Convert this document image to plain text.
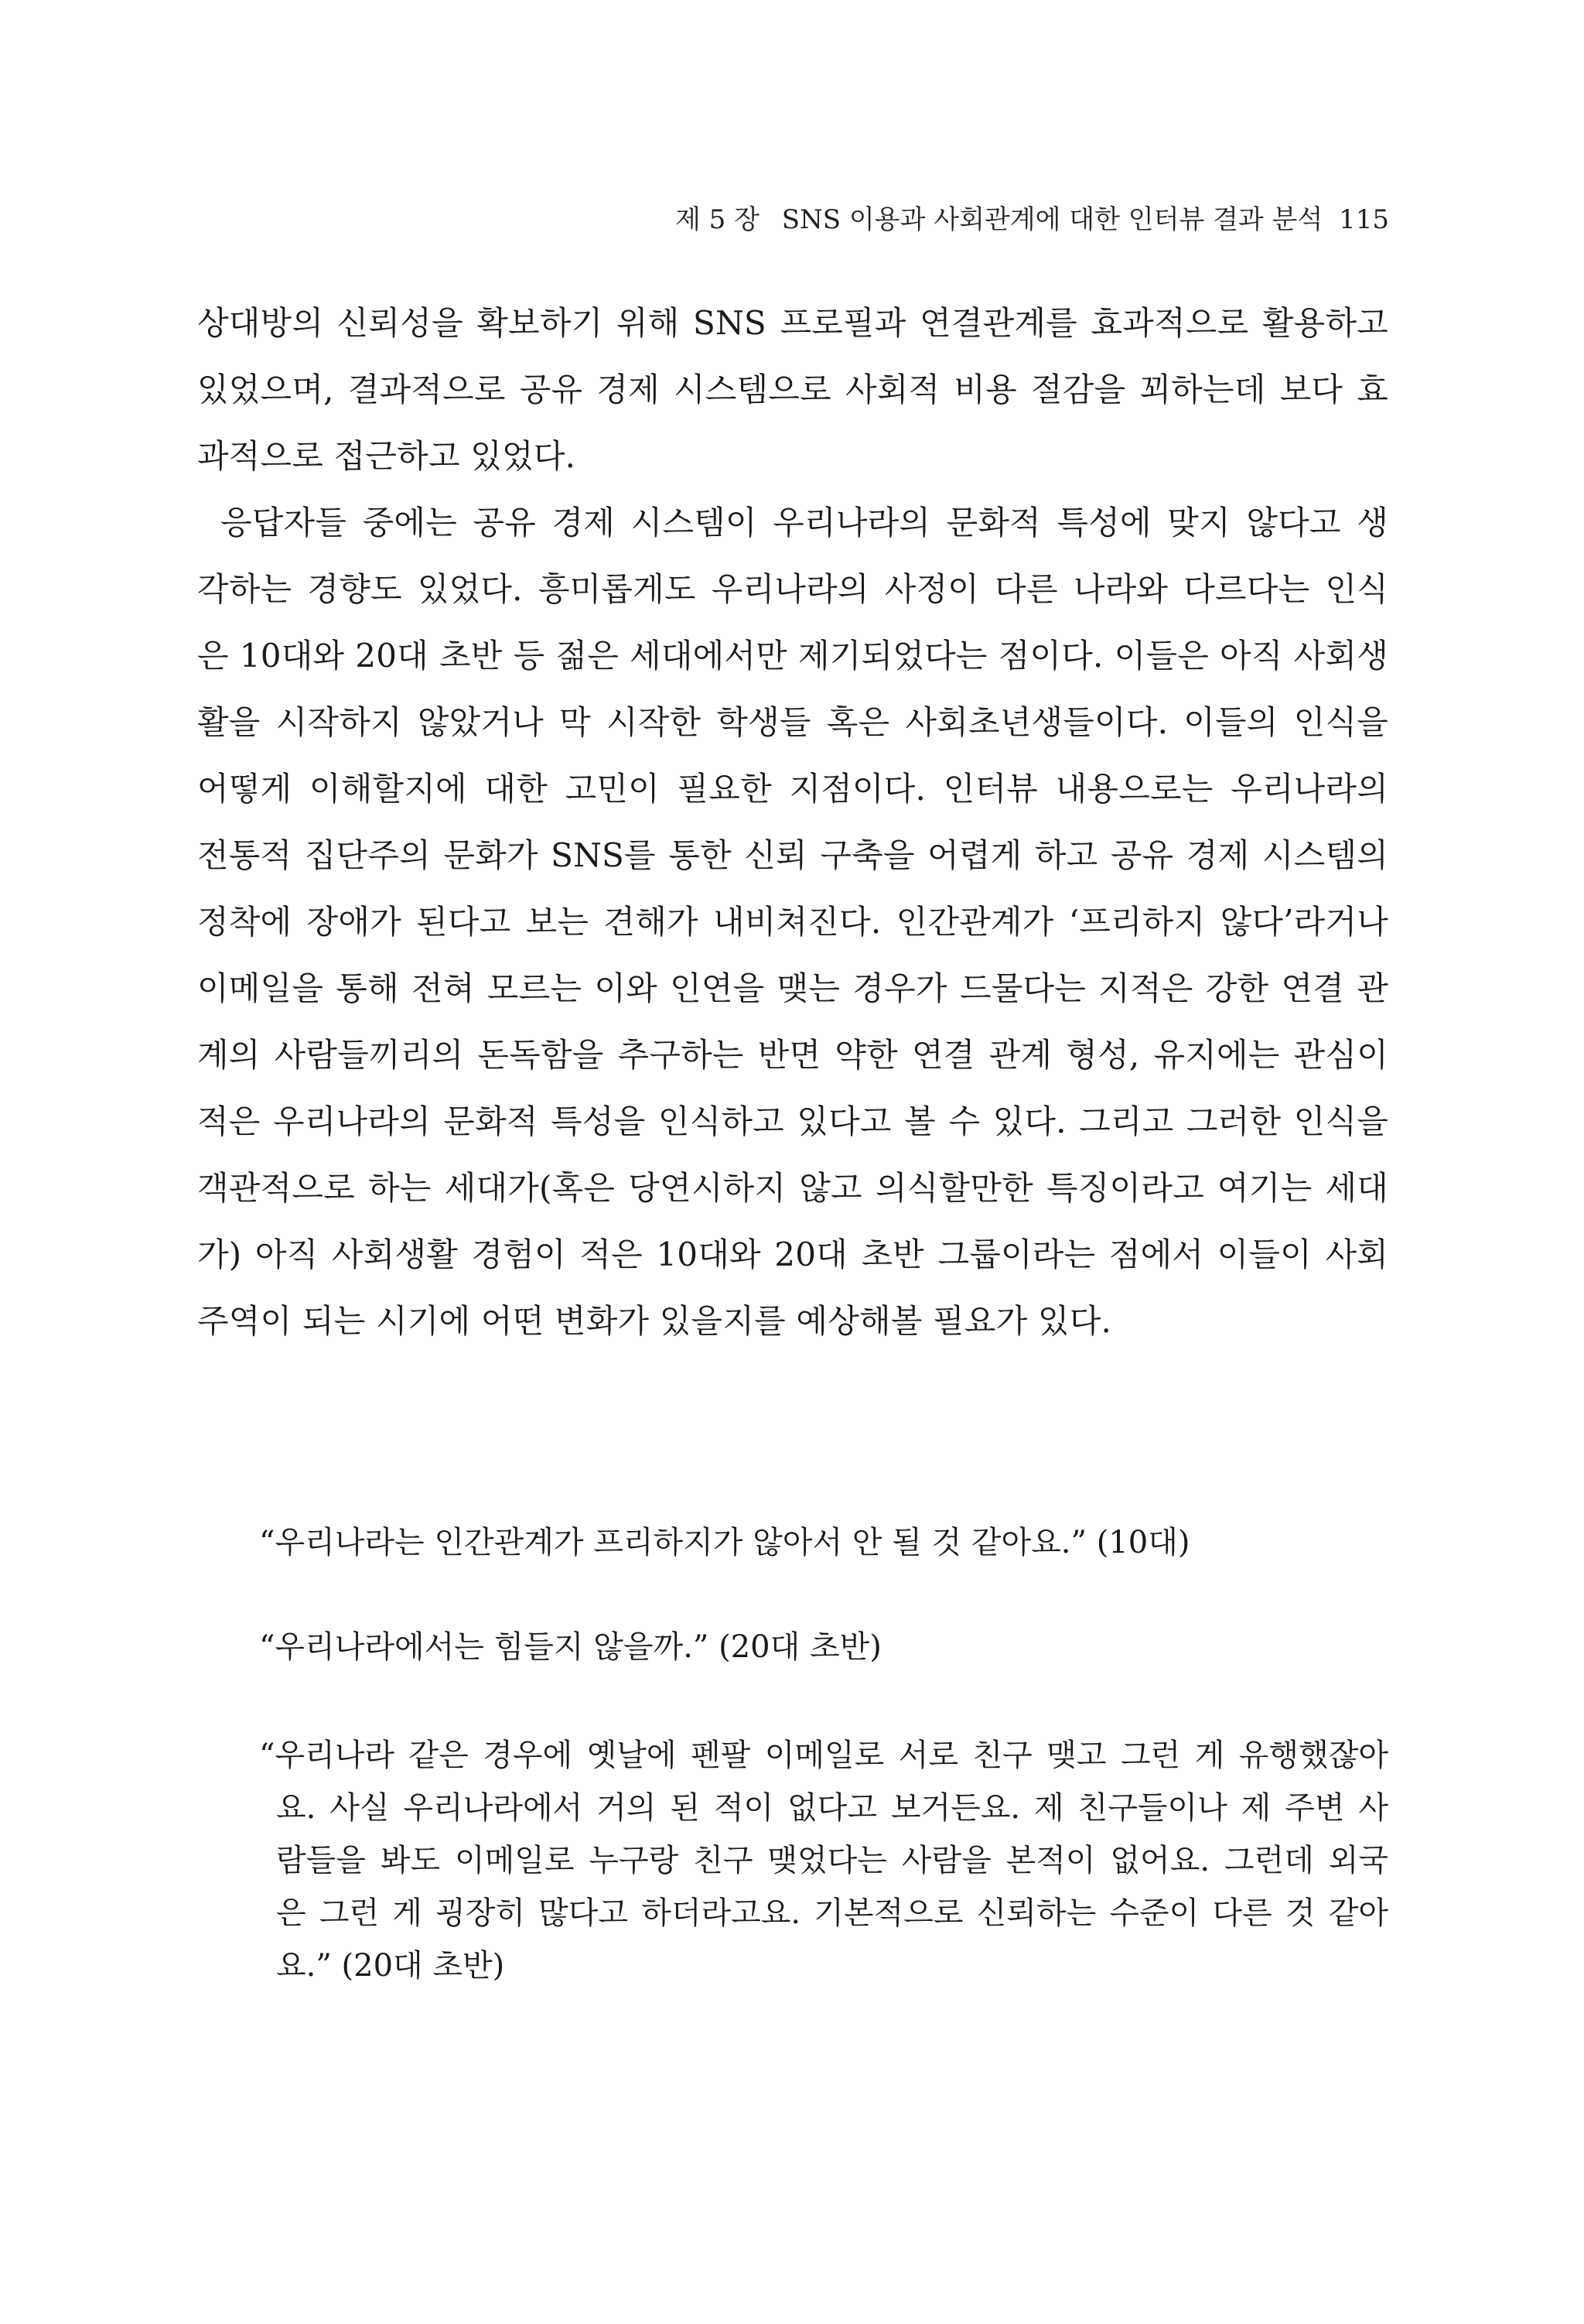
제 5 장 SNS 이용과 사회관계에 대한 인터뷰 결과 분석 115
상대방의 신뢰성을 확보하기 위해 SNS 프로필과 연결관계를 효과적으로 활용하고
있었으며, 결과적으로 공유 경제 시스템으로 사회적 비용 절감을 꾀하는데 보다 효
과적으로 접근하고 있었다.
응답자들 중에는 공유 경제 시스템이 우리나라의 문화적 특성에 맞지 않다고 생
각하는 경향도 있었다. 흥미롭게도 우리나라의 사정이 다른 나라와 다르다는 인식
은 10대와 20대 초반 등 젊은 세대에서만 제기되었다는 점이다. 이들은 아직 사회생
활을 시작하지 않았거나 막 시작한 학생들 혹은 사회초년생들이다. 이들의 인식을
어떻게 이해할지에 대한 고민이 필요한 지점이다. 인터뷰 내용으로는 우리나라의
전통적 집단주의 문화가 SNS를 통한 신뢰 구축을 어렵게 하고 공유 경제 시스템의
정착에 장애가 된다고 보는 견해가 내비쳐진다. 인간관계가 ‘프리하지 않다’라거나
이메일을 통해 전혀 모르는 이와 인연을 맺는 경우가 드물다는 지적은 강한 연결 관
계의 사람들끼리의 돈독함을 추구하는 반면 약한 연결 관계 형성, 유지에는 관심이
적은 우리나라의 문화적 특성을 인식하고 있다고 볼 수 있다. 그리고 그러한 인식을
객관적으로 하는 세대가(혹은 당연시하지 않고 의식할만한 특징이라고 여기는 세대
가) 아직 사회생활 경험이 적은 10대와 20대 초반 그룹이라는 점에서 이들이 사회
주역이 되는 시기에 어떤 변화가 있을지를 예상해볼 필요가 있다.
“우리나라는 인간관계가 프리하지가 않아서 안 될 것 같아요.” (10대)
“우리나라에서는 힘들지 않을까.” (20대 초반)
“우리나라 같은 경우에 옛날에 펜팔 이메일로 서로 친구 맺고 그런 게 유행했잖아
요. 사실 우리나라에서 거의 된 적이 없다고 보거든요. 제 친구들이나 제 주변 사
람들을 봐도 이메일로 누구랑 친구 맺었다는 사람을 본적이 없어요. 그런데 외국
은 그런 게 굉장히 많다고 하더라고요. 기본적으로 신뢰하는 수준이 다른 것 같아
요.” (20대 초반)
